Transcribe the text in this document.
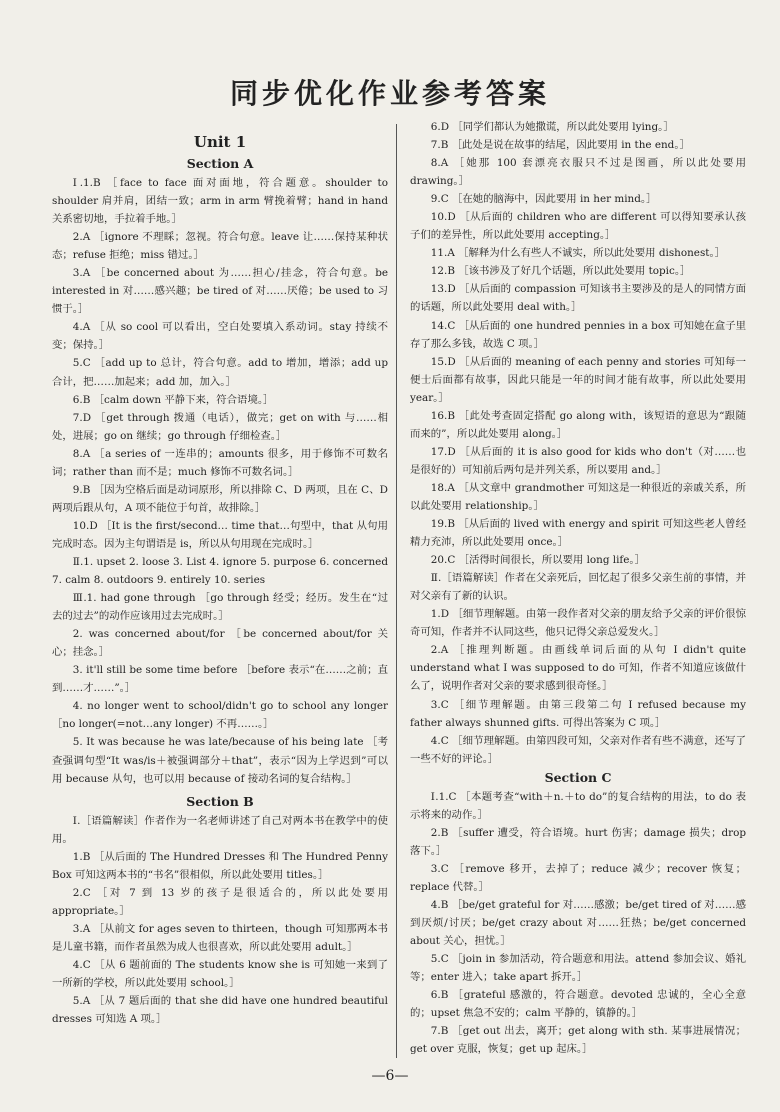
同步优化作业参考答案
Unit 1
Section A

Ⅰ.1.B ［face to face 面对面地，符合题意。shoulder to shoulder 肩并肩，团结一致；arm in arm 臂挽着臂；hand in hand 关系密切地，手拉着手地。］

2.A ［ignore 不理睬；忽视。符合句意。leave 让……保持某种状态；refuse 拒绝；miss 错过。］

3.A ［be concerned about 为……担心/挂念，符合句意。be interested in 对……感兴趣；be tired of 对……厌倦；be used to 习惯于。］

4.A ［从 so cool 可以看出，空白处要填入系动词。stay 持续不变；保持。］

5.C ［add up to 总计，符合句意。add to 增加，增添；add up 合计，把……加起来；add 加，加入。］

6.B ［calm down 平静下来，符合语境。］

7.D ［get through 拨通（电话），做完；get on with 与……相处，进展；go on 继续；go through 仔细检查。］

8.A ［a series of 一连串的；amounts 很多，用于修饰不可数名词；rather than 而不是；much 修饰不可数名词。］

9.B ［因为空格后面是动词原形，所以排除 C、D 两项，且在 C、D 两项后跟从句，A 项不能位于句首，故排除。］

10.D ［It is the first/second… time that…句型中，that 从句用完成时态。因为主句谓语是 is，所以从句用现在完成时。］

Ⅱ.1. upset 2. loose 3. List 4. ignore 5. purpose 6. concerned 7. calm 8. outdoors 9. entirely 10. series

Ⅲ.1. had gone through ［go through 经受；经历。发生在“过去的过去”的动作应该用过去完成时。］

2. was concerned about/for ［be concerned about/for 关心；挂念。］

3. it'll still be some time before ［before 表示“在……之前；直到……才……”。］

4. no longer went to school/didn't go to school any longer ［no longer(=not…any longer) 不再……。］

5. It was because he was late/because of his being late ［考查强调句型“It was/is＋被强调部分＋that”，表示“因为上学迟到”可以用 because 从句，也可以用 because of 接动名词的复合结构。］

Section B

Ⅰ.［语篇解读］作者作为一名老师讲述了自己对两本书在教学中的使用。

1.B ［从后面的 The Hundred Dresses 和 The Hundred Penny Box 可知这两本书的“书名”很相似，所以此处要用 titles。］

2.C ［对 7 到 13 岁的孩子是很适合的，所以此处要用 appropriate。］

3.A ［从前文 for ages seven to thirteen，though 可知那两本书是儿童书籍，而作者虽然为成人也很喜欢，所以此处要用 adult。］

4.C ［从 6 题前面的 The students know she is 可知她一来到了一所新的学校，所以此处要用 school。］

5.A ［从 7 题后面的 that she did have one hundred beautiful dresses 可知选 A 项。］

6.D ［同学们都认为她撒谎，所以此处要用 lying。］

7.B ［此处是说在故事的结尾，因此要用 in the end。］

8.A ［她那 100 套漂亮衣服只不过是图画，所以此处要用 drawing。］

9.C ［在她的脑海中，因此要用 in her mind。］

10.D ［从后面的 children who are different 可以得知要承认孩子们的差异性，所以此处要用 accepting。］

11.A ［解释为什么有些人不诚实，所以此处要用 dishonest。］

12.B ［该书涉及了好几个话题，所以此处要用 topic。］

13.D ［从后面的 compassion 可知该书主要涉及的是人的同情方面的话题，所以此处要用 deal with。］

14.C ［从后面的 one hundred pennies in a box 可知她在盒子里存了那么多钱，故选 C 项。］

15.D ［从后面的 meaning of each penny and stories 可知每一便士后面都有故事，因此只能是一年的时间才能有故事，所以此处要用 year。］

16.B ［此处考查固定搭配 go along with，该短语的意思为“跟随而来的”，所以此处要用 along。］

17.D ［从后面的 it is also good for kids who don't（对……也是很好的）可知前后两句是并列关系，所以要用 and。］

18.A ［从文章中 grandmother 可知这是一种很近的亲戚关系，所以此处要用 relationship。］

19.B ［从后面的 lived with energy and spirit 可知这些老人曾经精力充沛，所以此处要用 once。］

20.C ［活得时间很长，所以要用 long life。］

Ⅱ.［语篇解读］作者在父亲死后，回忆起了很多父亲生前的事情，并对父亲有了新的认识。

1.D ［细节理解题。由第一段作者对父亲的朋友给予父亲的评价很惊奇可知，作者并不认同这些，他只记得父亲总爱发火。］

2.A ［推理判断题。由画线单词后面的从句 I didn't quite understand what I was supposed to do 可知，作者不知道应该做什么了，说明作者对父亲的要求感到很奇怪。］

3.C ［细节理解题。由第三段第二句 I refused because my father always shunned gifts. 可得出答案为 C 项。］

4.C ［细节理解题。由第四段可知，父亲对作者有些不满意，还写了一些不好的评论。］

Section C

Ⅰ.1.C ［本题考查“with＋n.＋to do”的复合结构的用法，to do 表示将来的动作。］

2.B ［suffer 遭受，符合语境。hurt 伤害；damage 损失；drop 落下。］

3.C ［remove 移开，去掉了；reduce 减少；recover 恢复；replace 代替。］

4.B ［be/get grateful for 对……感激；be/get tired of 对……感到厌烦/讨厌；be/get crazy about 对……狂热；be/get concerned about 关心，担忧。］

5.C ［join in 参加活动，符合题意和用法。attend 参加会议、婚礼等；enter 进入；take apart 拆开。］

6.B ［grateful 感激的，符合题意。devoted 忠诚的，全心全意的；upset 焦急不安的；calm 平静的，镇静的。］

7.B ［get out 出去，离开；get along with sth. 某事进展情况；get over 克服，恢复；get up 起床。］

—6—
